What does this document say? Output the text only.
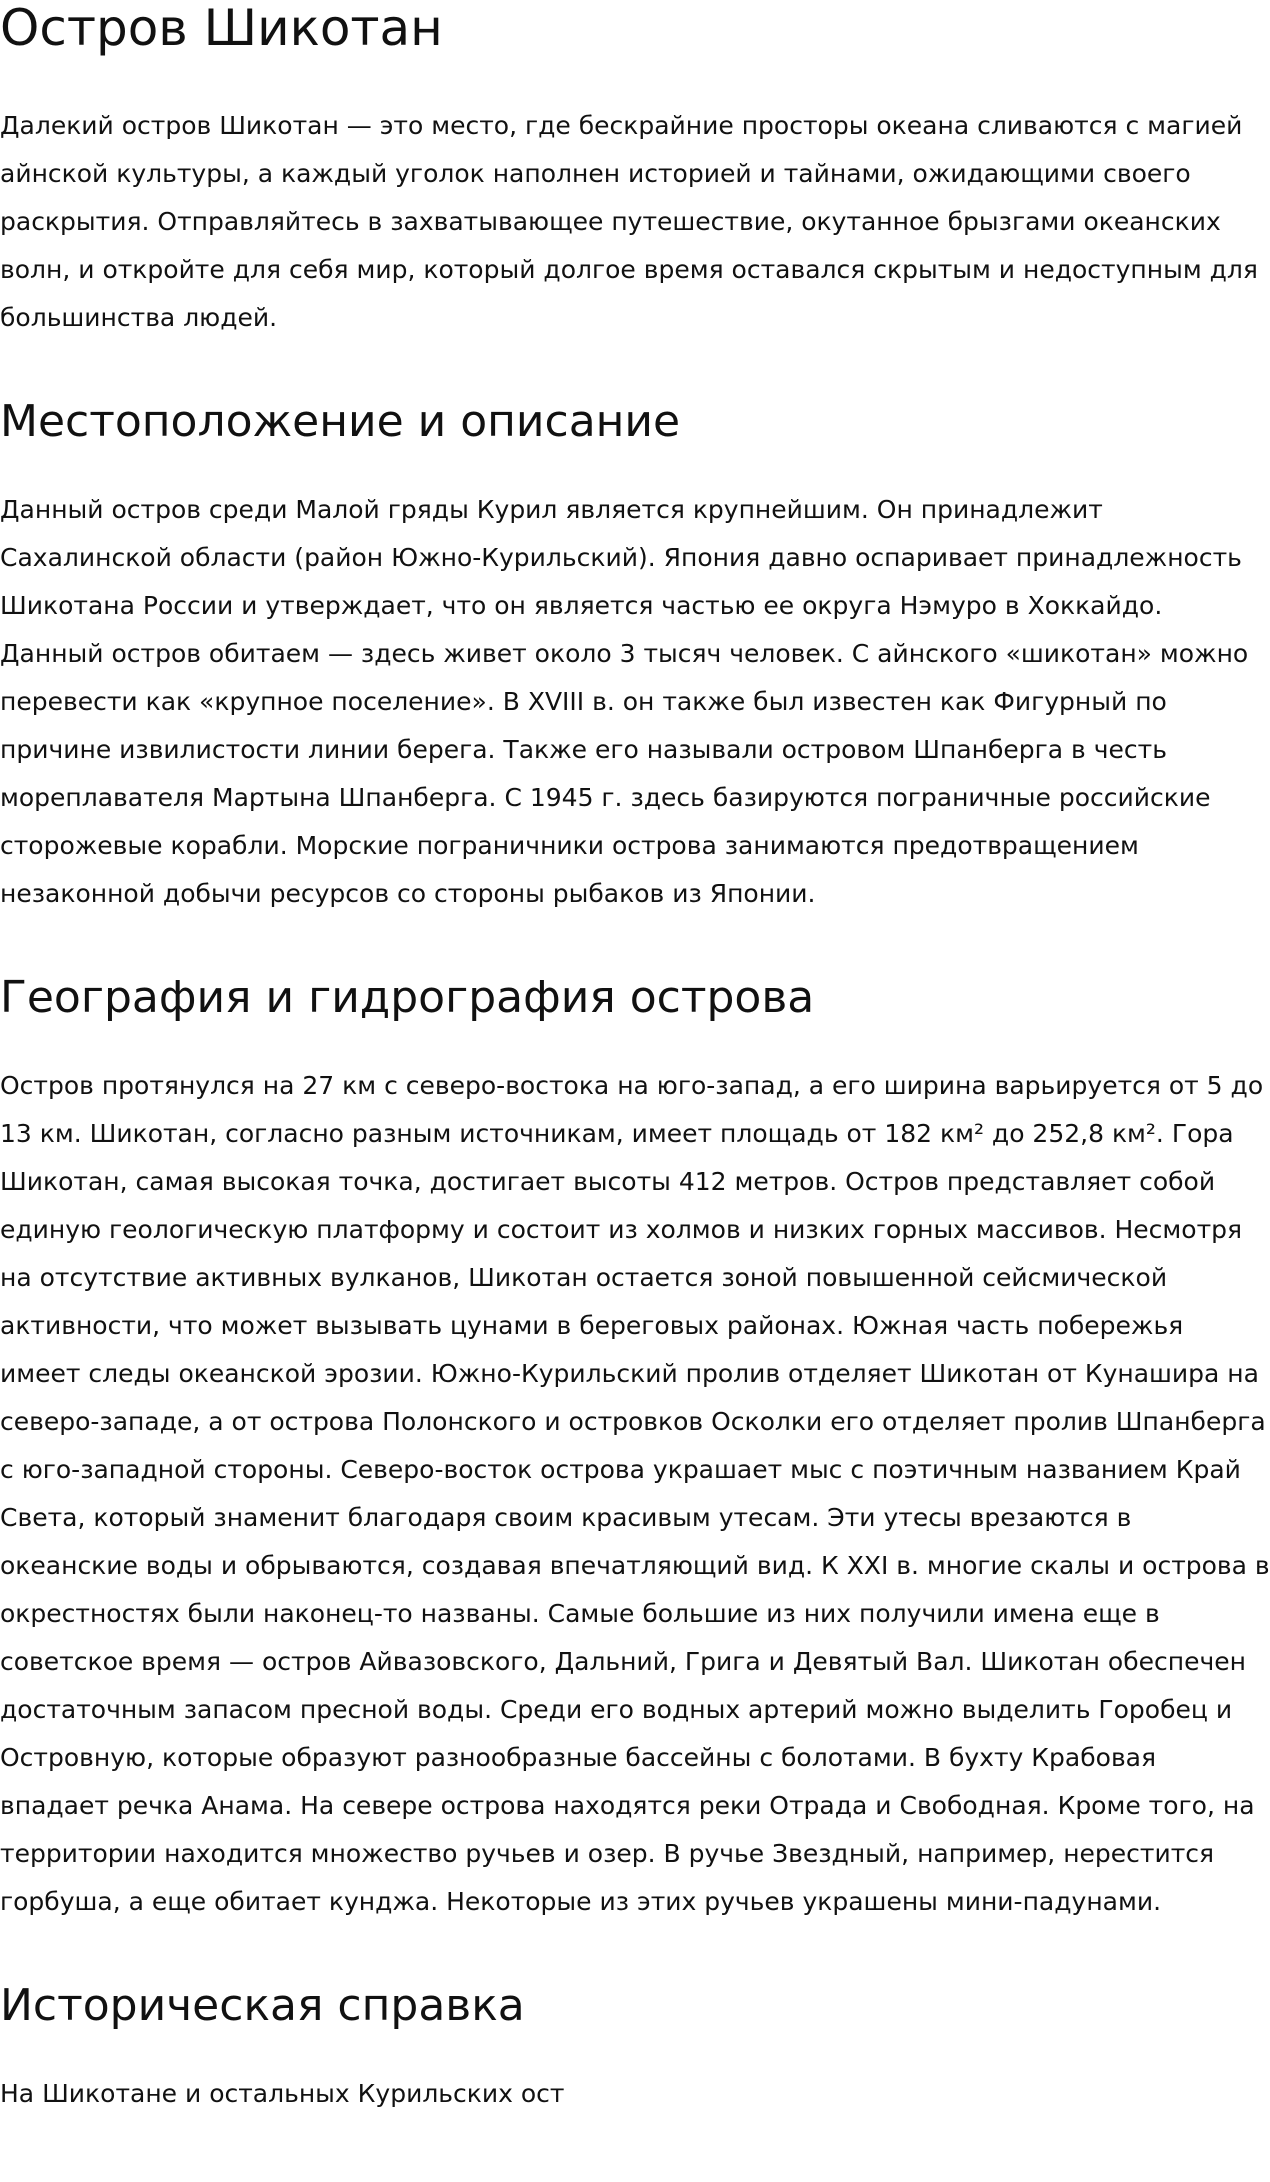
Остров Шикотан

Далекий остров Шикотан — это место, где бескрайние просторы океана сливаются с магией айнской культуры, а каждый уголок наполнен историей и тайнами, ожидающими своего раскрытия. Отправляйтесь в захватывающее путешествие, окутанное брызгами океанских волн, и откройте для себя мир, который долгое время оставался скрытым и недоступным для большинства людей.

Местоположение и описание

Данный остров среди Малой гряды Курил является крупнейшим. Он принадлежит Сахалинской области (район Южно-Курильский). Япония давно оспаривает принадлежность Шикотана России и утверждает, что он является частью ее округа Нэмуро в Хоккайдо. Данный остров обитаем — здесь живет около 3 тысяч человек. С айнского «шикотан» можно перевести как «крупное поселение». В XVIII в. он также был известен как Фигурный по причине извилистости линии берега. Также его называли островом Шпанберга в честь мореплавателя Мартына Шпанберга. С 1945 г. здесь базируются пограничные российские сторожевые корабли. Морские пограничники острова занимаются предотвращением незаконной добычи ресурсов со стороны рыбаков из Японии.

География и гидрография острова

Остров протянулся на 27 км с северо-востока на юго-запад, а его ширина варьируется от 5 до 13 км. Шикотан, согласно разным источникам, имеет площадь от 182 км² до 252,8 км². Гора Шикотан, самая высокая точка, достигает высоты 412 метров. Остров представляет собой единую геологическую платформу и состоит из холмов и низких горных массивов. Несмотря на отсутствие активных вулканов, Шикотан остается зоной повышенной сейсмической активности, что может вызывать цунами в береговых районах. Южная часть побережья имеет следы океанской эрозии. Южно-Курильский пролив отделяет Шикотан от Кунашира на северо-западе, а от острова Полонского и островков Осколки его отделяет пролив Шпанберга с юго-западной стороны. Северо-восток острова украшает мыс с поэтичным названием Край Света, который знаменит благодаря своим красивым утесам. Эти утесы врезаются в океанские воды и обрываются, создавая впечатляющий вид. К XXI в. многие скалы и острова в окрестностях были наконец-то названы. Самые большие из них получили имена еще в советское время — остров Айвазовского, Дальний, Грига и Девятый Вал. Шикотан обеспечен достаточным запасом пресной воды. Среди его водных артерий можно выделить Горобец и Островную, которые образуют разнообразные бассейны с болотами. В бухту Крабовая впадает речка Анама. На севере острова находятся реки Отрада и Свободная. Кроме того, на территории находится множество ручьев и озер. В ручье Звездный, например, нерестится горбуша, а еще обитает кунджа. Некоторые из этих ручьев украшены мини-падунами.

Историческая справка

На Шикотане и остальных Курильских ост
